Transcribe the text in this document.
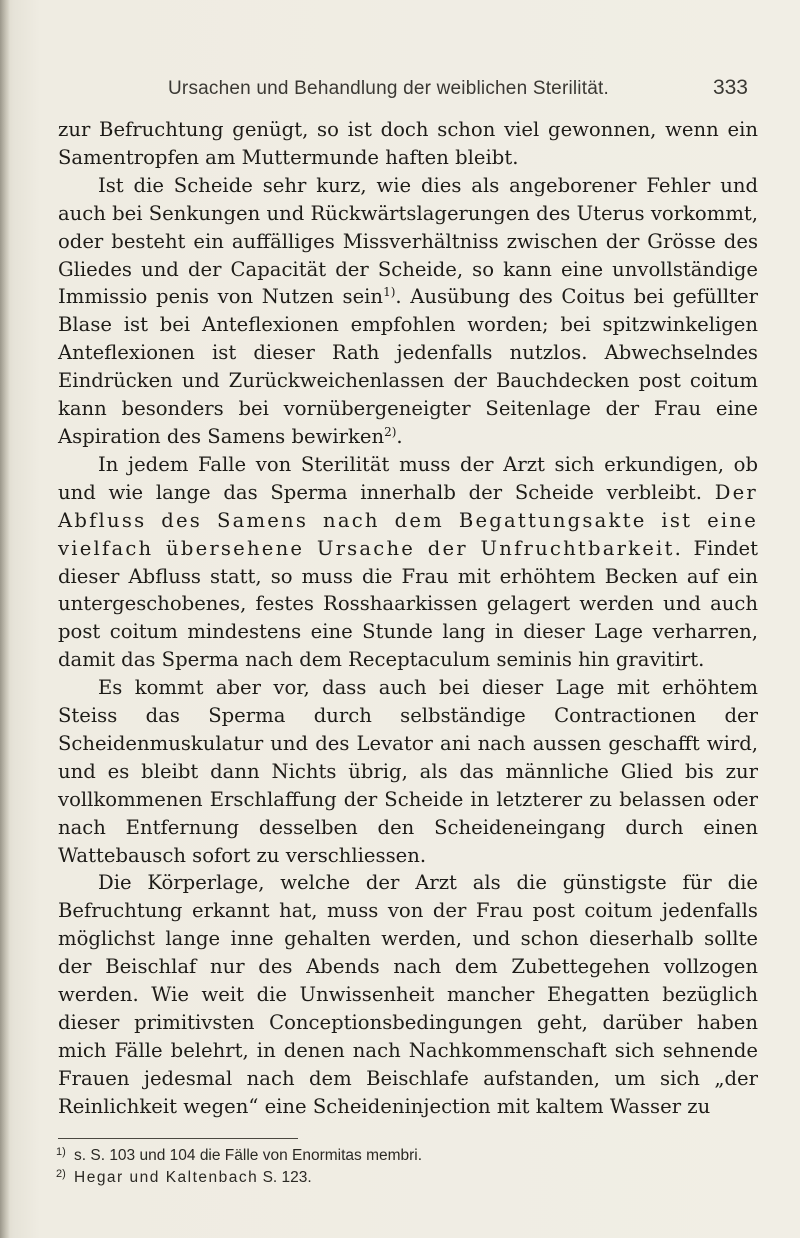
Ursachen und Behandlung der weiblichen Sterilität.	333

zur Befruchtung genügt, so ist doch schon viel gewonnen, wenn ein Samentropfen am Muttermunde haften bleibt.

Ist die Scheide sehr kurz, wie dies als angeborener Fehler und auch bei Senkungen und Rückwärtslagerungen des Uterus vorkommt, oder besteht ein auffälliges Missverhältniss zwischen der Grösse des Gliedes und der Capacität der Scheide, so kann eine unvollständige Immissio penis von Nutzen sein$^{1)}$. Ausübung des Coitus bei gefüllter Blase ist bei Anteflexionen empfohlen worden; bei spitzwinkeligen Anteflexionen ist dieser Rath jedenfalls nutzlos. Abwechselndes Eindrücken und Zurückweichenlassen der Bauchdecken post coitum kann besonders bei vornübergeneigter Seitenlage der Frau eine Aspiration des Samens bewirken$^{2)}$.

In jedem Falle von Sterilität muss der Arzt sich erkundigen, ob und wie lange das Sperma innerhalb der Scheide verbleibt. Der Abfluss des Samens nach dem Begattungsakte ist eine vielfach übersehene Ursache der Unfruchtbarkeit. Findet dieser Abfluss statt, so muss die Frau mit erhöhtem Becken auf ein untergeschobenes, festes Rosshaarkissen gelagert werden und auch post coitum mindestens eine Stunde lang in dieser Lage verharren, damit das Sperma nach dem Receptaculum seminis hin gravitirt.

Es kommt aber vor, dass auch bei dieser Lage mit erhöhtem Steiss das Sperma durch selbständige Contractionen der Scheidenmuskulatur und des Levator ani nach aussen geschafft wird, und es bleibt dann Nichts übrig, als das männliche Glied bis zur vollkommenen Erschlaffung der Scheide in letzterer zu belassen oder nach Entfernung desselben den Scheideneingang durch einen Wattebausch sofort zu verschliessen.

Die Körperlage, welche der Arzt als die günstigste für die Befruchtung erkannt hat, muss von der Frau post coitum jedenfalls möglichst lange inne gehalten werden, und schon dieserhalb sollte der Beischlaf nur des Abends nach dem Zubettegehen vollzogen werden. Wie weit die Unwissenheit mancher Ehegatten bezüglich dieser primitivsten Conceptionsbedingungen geht, darüber haben mich Fälle belehrt, in denen nach Nachkommenschaft sich sehnende Frauen jedesmal nach dem Beischlafe aufstanden, um sich „der Reinlichkeit wegen“ eine Scheideninjection mit kaltem Wasser zu

1) s. S. 103 und 104 die Fälle von Enormitas membri.
2) Hegar und Kaltenbach S. 123.
